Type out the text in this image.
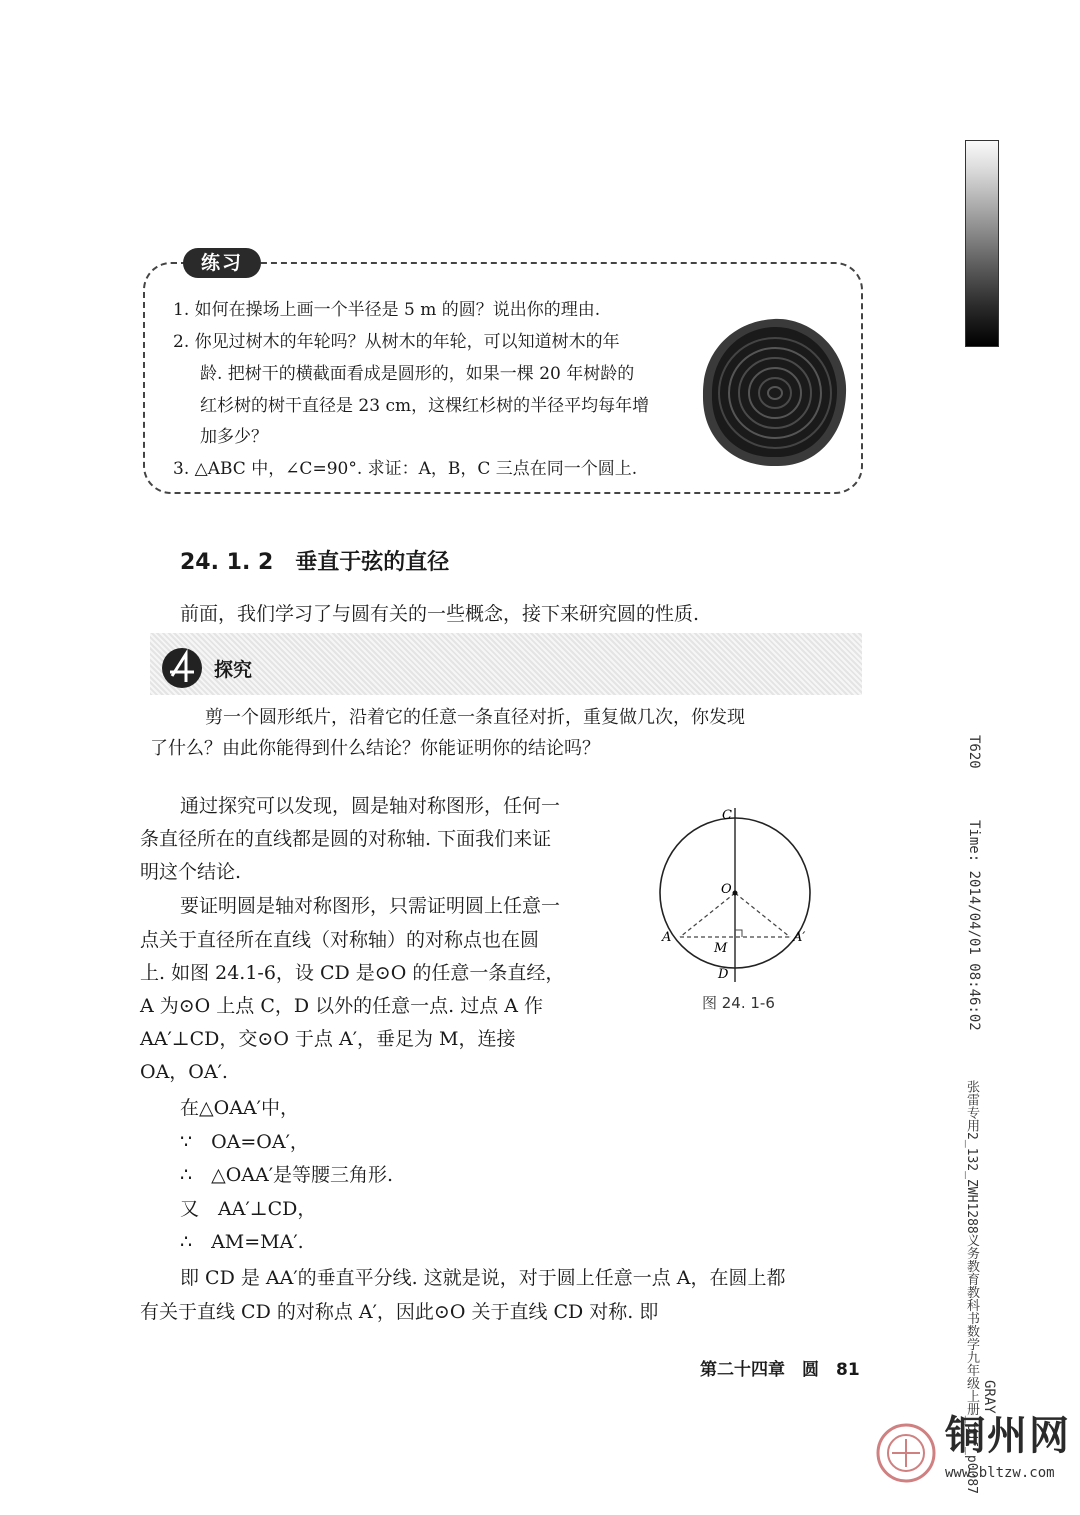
练习
1. 如何在操场上画一个半径是 5 m 的圆？说出你的理由.
2. 你见过树木的年轮吗？从树木的年轮，可以知道树木的年
龄. 把树干的横截面看成是圆形的，如果一棵 20 年树龄的
红杉树的树干直径是 23 cm，这棵红杉树的半径平均每年增
加多少？
3. △ABC 中，∠C=90°. 求证：A，B，C 三点在同一个圆上.
24. 1. 2　垂直于弦的直径
前面，我们学习了与圆有关的一些概念，接下来研究圆的性质.
探究
剪一个圆形纸片，沿着它的任意一条直径对折，重复做几次，你发现
了什么？由此你能得到什么结论？你能证明你的结论吗？
通过探究可以发现，圆是轴对称图形，任何一
条直径所在的直线都是圆的对称轴. 下面我们来证
明这个结论.
要证明圆是轴对称图形，只需证明圆上任意一
点关于直径所在直线（对称轴）的对称点也在圆
上. 如图 24.1-6，设 CD 是⊙O 的任意一条直经，
A 为⊙O 上点 C，D 以外的任意一点. 过点 A 作
AA′⊥CD，交⊙O 于点 A′，垂足为 M，连接
OA，OA′.
在△OAA′中，
∵　OA=OA′，
∴　△OAA′是等腰三角形.
又　AA′⊥CD，
∴　AM=MA′.
即 CD 是 AA′的垂直平分线. 这就是说，对于圆上任意一点 A，在圆上都
有关于直线 CD 的对称点 A′，因此⊙O 关于直线 CD 对称. 即
C
O
A	A′
M
D
图 24. 1-6
第二十四章　圆　81
T620
Time: 2014/04/01 08:46:02
张雷专用2_132_ZWH1288义务教育教科书数学九年级上册_pdf_p0087 GRAY
铜州网
www.bltzw.com
